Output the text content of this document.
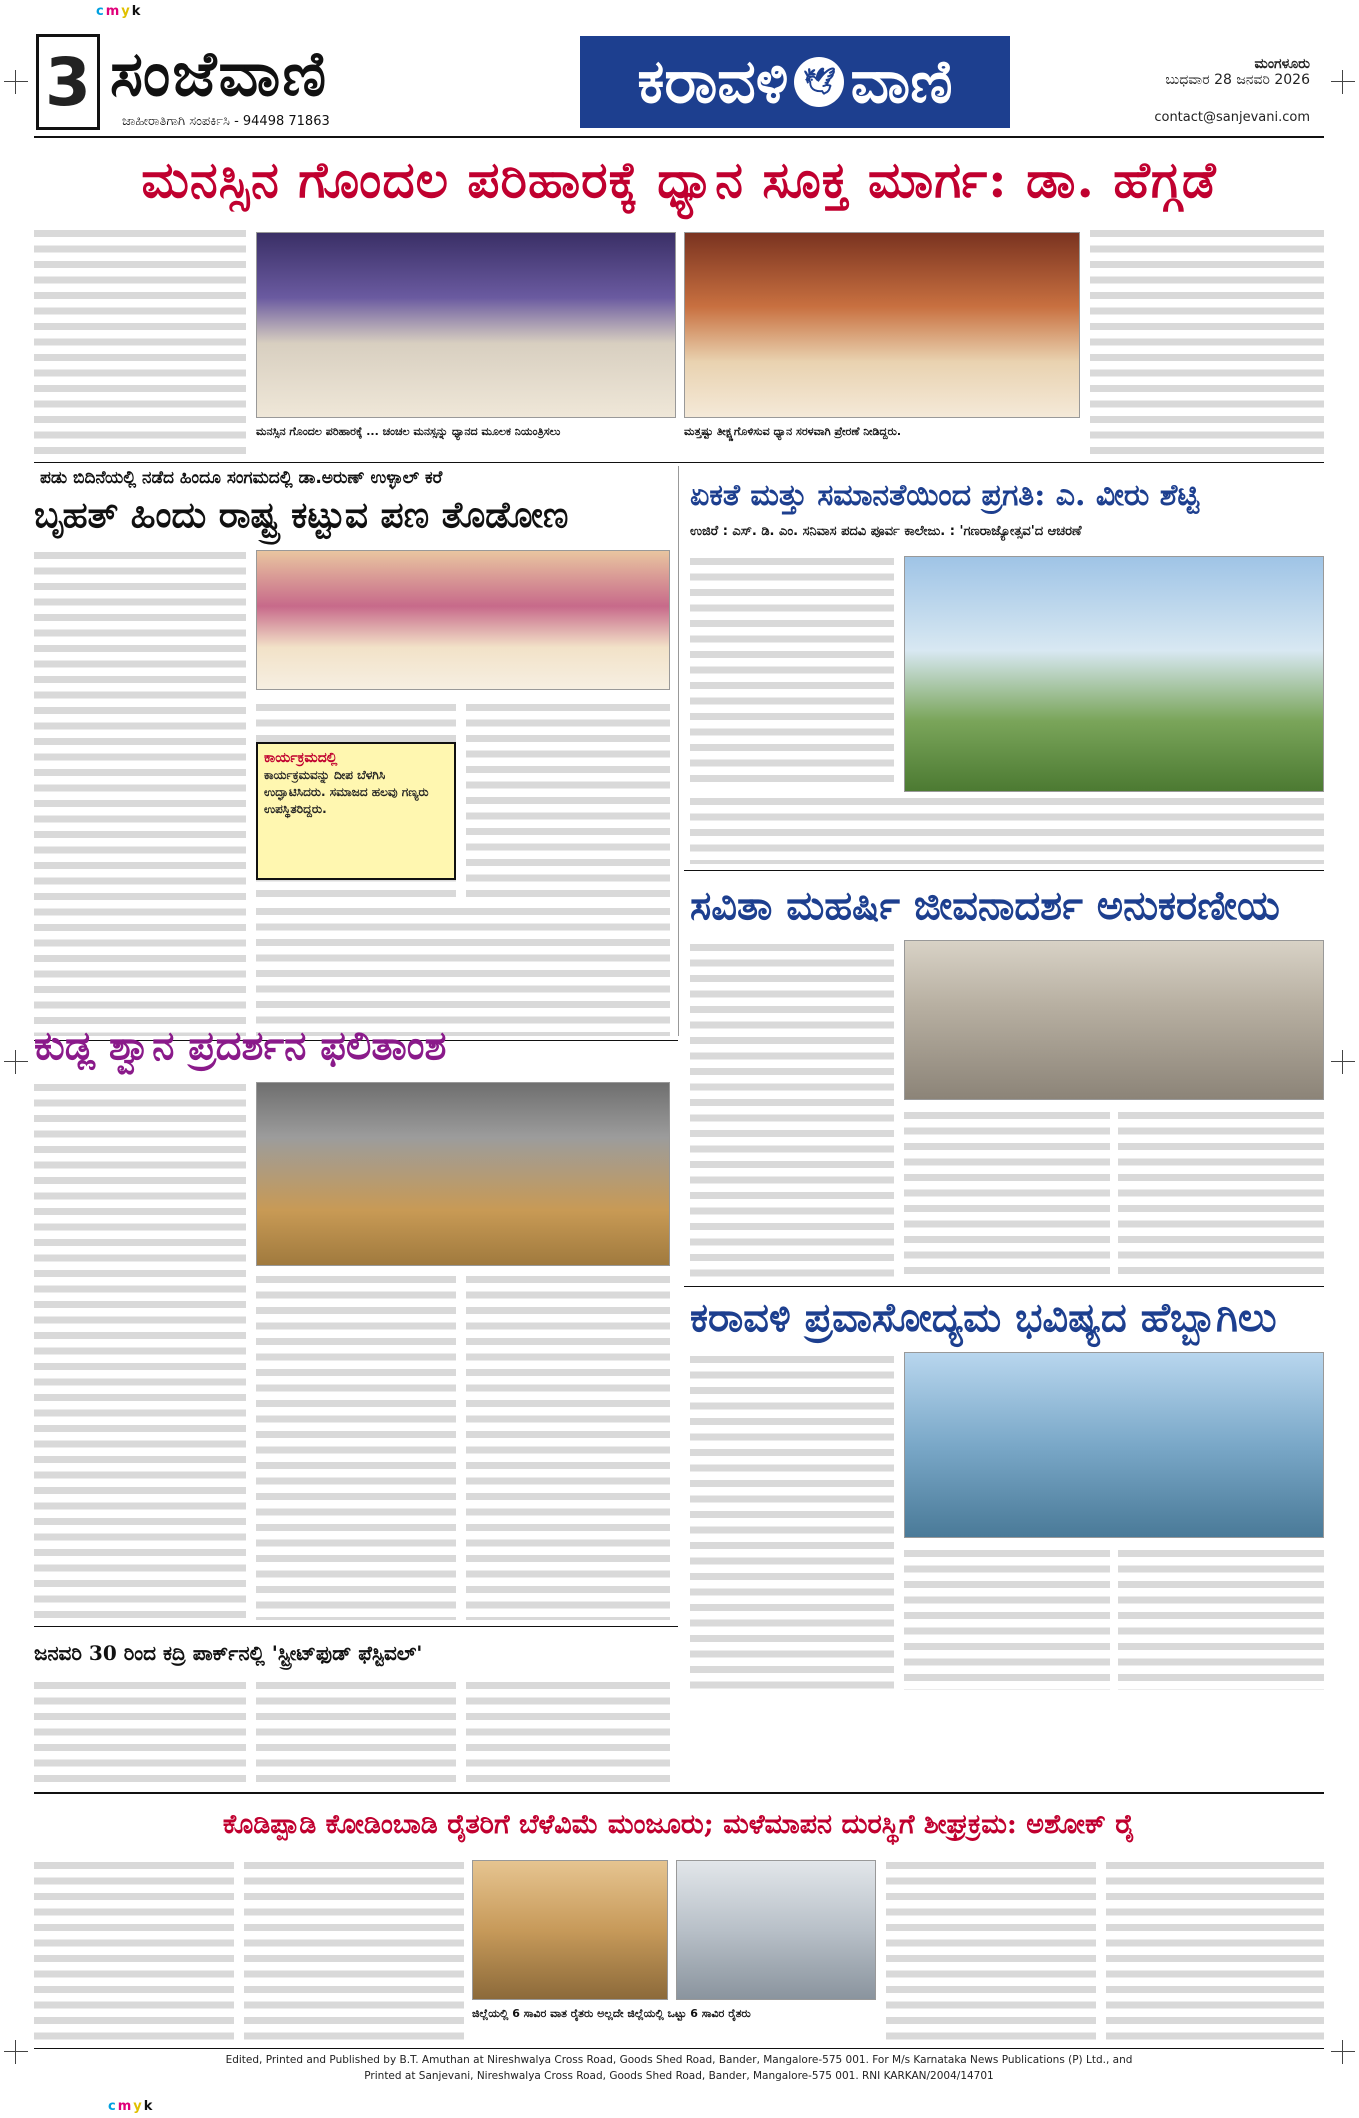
cmyk
cmyk
3 ಸಂಜೆವಾಣಿ
ಜಾಹೀರಾತಿಗಾಗಿ ಸಂಪರ್ಕಿಸಿ - 94498 71863
ಕರಾವಳಿ 🕊 ವಾಣಿ	ಮಂಗಳೂರು
ಬುಧವಾರ 28 ಜನವರಿ 2026
contact@sanjevani.com
ಮನಸ್ಸಿನ ಗೊಂದಲ ಪರಿಹಾರಕ್ಕೆ ಧ್ಯಾನ ಸೂಕ್ತ ಮಾರ್ಗ: ಡಾ. ಹೆಗ್ಗಡೆ
ಮನಸ್ಸಿನ ಗೊಂದಲ ಪರಿಹಾರಕ್ಕೆ ... ಚಂಚಲ ಮನಸ್ಸನ್ನು ಧ್ಯಾನದ ಮೂಲಕ ನಿಯಂತ್ರಿಸಲು	ಮತ್ತಷ್ಟು ತೀಕ್ಷ್ಣಗೊಳಿಸುವ ಧ್ಯಾನ ಸರಳವಾಗಿ ಪ್ರೇರಣೆ ನೀಡಿದ್ದರು.
ಪಡು ಬಿದಿನೆಯಲ್ಲಿ ನಡೆದ ಹಿಂದೂ ಸಂಗಮದಲ್ಲಿ ಡಾ.ಅರುಣ್ ಉಳ್ಳಾಲ್ ಕರೆ
ಬೃಹತ್ ಹಿಂದು ರಾಷ್ಟ್ರ ಕಟ್ಟುವ ಪಣ ತೊಡೋಣ
ಕಾರ್ಯಕ್ರಮದಲ್ಲಿ
ಕಾರ್ಯಕ್ರಮವನ್ನು ದೀಪ ಬೆಳಗಿಸಿ ಉದ್ಘಾಟಿಸಿದರು. ಸಮಾಜದ ಹಲವು ಗಣ್ಯರು ಉಪಸ್ಥಿತರಿದ್ದರು.
ಏಕತೆ ಮತ್ತು ಸಮಾನತೆಯಿಂದ ಪ್ರಗತಿ: ಎ. ವೀರು ಶೆಟ್ಟಿ
ಉಜಿರೆ : ಎಸ್. ಡಿ. ಎಂ. ಸನಿವಾಸ ಪದವಿ ಪೂರ್ವ ಕಾಲೇಜು. : 'ಗಣರಾಜ್ಯೋತ್ಸವ'ದ ಆಚರಣೆ
ಸವಿತಾ ಮಹರ್ಷಿ ಜೀವನಾದರ್ಶ ಅನುಕರಣೀಯ
ಕುಡ್ಲ ಶ್ವಾನ ಪ್ರದರ್ಶನ ಫಲಿತಾಂಶ
ಕರಾವಳಿ ಪ್ರವಾಸೋದ್ಯಮ ಭವಿಷ್ಯದ ಹೆಬ್ಬಾಗಿಲು
ಜನವರಿ 30 ರಿಂದ ಕದ್ರಿ ಪಾರ್ಕ್‌ನಲ್ಲಿ 'ಸ್ಟ್ರೀಟ್‌ಫುಡ್ ಫೆಸ್ಟಿವಲ್'
ಕೊಡಿಪ್ಪಾಡಿ ಕೋಡಿಂಬಾಡಿ ರೈತರಿಗೆ ಬೆಳೆವಿಮೆ ಮಂಜೂರು; ಮಳೆಮಾಪನ ದುರಸ್ಥಿಗೆ ಶೀಘ್ರಕ್ರಮ: ಅಶೋಕ್ ರೈ
ಜಿಲ್ಲೆಯಲ್ಲಿ 6 ಸಾವಿರ ವಾತ ರೈತರು ಅಲ್ಲದೇ ಜಿಲ್ಲೆಯಲ್ಲಿ ಒಟ್ಟು 6 ಸಾವಿರ ರೈತರು
Edited, Printed and Published by B.T. Amuthan at Nireshwalya Cross Road, Goods Shed Road, Bander, Mangalore-575 001. For M/s Karnataka News Publications (P) Ltd., and
Printed at Sanjevani, Nireshwalya Cross Road, Goods Shed Road, Bander, Mangalore-575 001. RNI KARKAN/2004/14701
